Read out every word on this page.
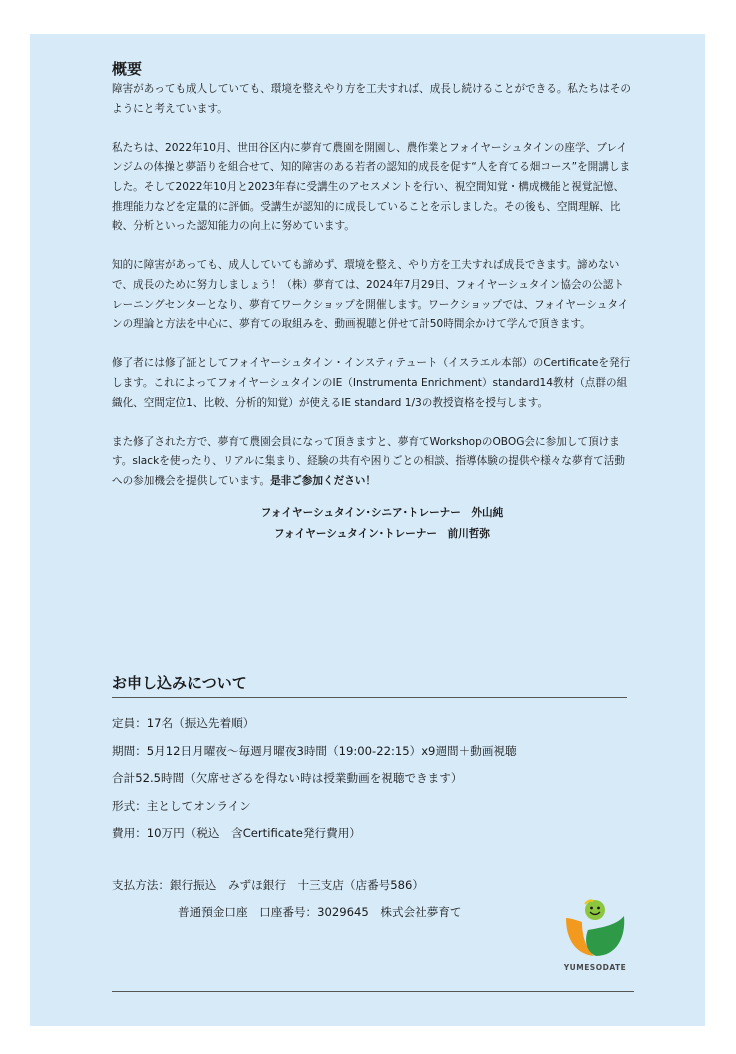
概要

障害があっても成人していても、環境を整えやり方を工夫すれば、成長し続けることができる。私たちはそのようにと考えています。

私たちは、2022年10月、世田谷区内に夢育て農園を開園し、農作業とフォイヤーシュタインの座学、ブレインジムの体操と夢語りを組合せて、知的障害のある若者の認知的成長を促す“人を育てる畑コース”を開講しました。そして2022年10月と2023年春に受講生のアセスメントを行い、視空間知覚・構成機能と視覚記憶、推理能力などを定量的に評価。受講生が認知的に成長していることを示しました。その後も、空間理解、比較、分析といった認知能力の向上に努めています。

知的に障害があっても、成人していても諦めず、環境を整え、やり方を工夫すれば成長できます。諦めないで、成長のために努力しましょう！（株）夢育ては、2024年7月29日、フォイヤーシュタイン協会の公認トレーニングセンターとなり、夢育てワークショップを開催します。ワークショップでは、フォイヤーシュタインの理論と方法を中心に、夢育ての取組みを、動画視聴と併せて計50時間余かけて学んで頂きます。

修了者には修了証としてフォイヤーシュタイン・インスティテュート（イスラエル本部）のCertificateを発行します。これによってフォイヤーシュタインのIE（Instrumenta Enrichment）standard14教材（点群の組織化、空間定位1、比較、分析的知覚）が使えるIE standard 1/3の教授資格を授与します。

また修了された方で、夢育て農園会員になって頂きますと、夢育てWorkshopのOBOG会に参加して頂けます。slackを使ったり、リアルに集まり、経験の共有や困りごとの相談、指導体験の提供や様々な夢育て活動への参加機会を提供しています。是非ご参加ください！

フォイヤーシュタイン･シニア･トレーナー　外山純
フォイヤーシュタイン･トレーナー　前川哲弥
お申し込みについて
定員：17名（振込先着順）
期間：5月12日月曜夜～毎週月曜夜3時間（19:00-22:15）x9週間＋動画視聴
合計52.5時間（欠席せざるを得ない時は授業動画を視聴できます）
形式：主としてオンライン
費用：10万円（税込　含Certificate発行費用）
支払方法：銀行振込　みずほ銀行　十三支店（店番号586）
普通預金口座　口座番号：3029645　株式会社夢育て
YUMESODATE
